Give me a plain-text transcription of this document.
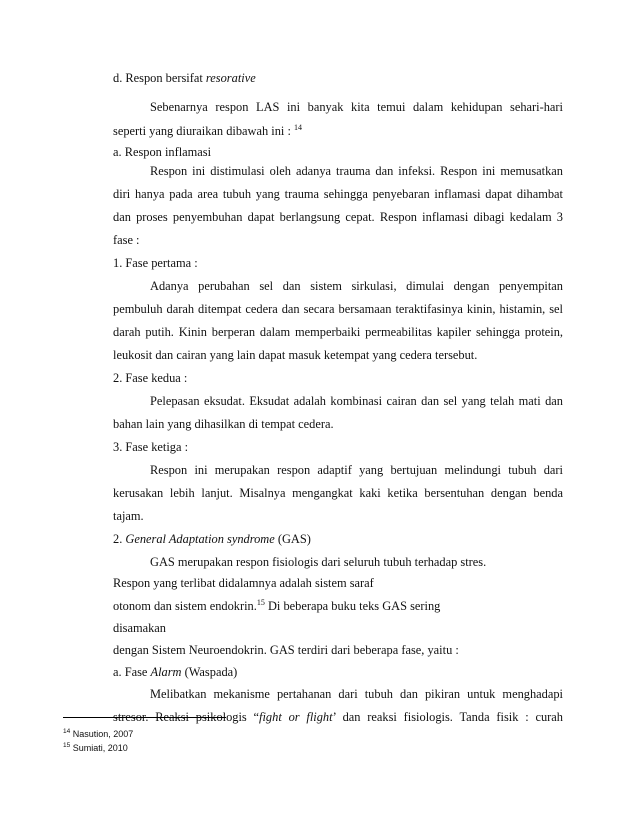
d. Respon bersifat resorative
Sebenarnya respon LAS ini banyak kita temui dalam kehidupan sehari-hari
seperti yang diuraikan dibawah ini : $^{14}$
a. Respon inflamasi
Respon ini distimulasi oleh adanya trauma dan infeksi. Respon ini memusatkan
diri hanya pada area tubuh yang trauma sehingga penyebaran inflamasi dapat dihambat
dan proses penyembuhan dapat berlangsung cepat. Respon inflamasi dibagi kedalam 3
fase :
1. Fase pertama :
Adanya perubahan sel dan sistem sirkulasi, dimulai dengan penyempitan
pembuluh darah ditempat cedera dan secara bersamaan teraktifasinya kinin, histamin, sel
darah putih. Kinin berperan dalam memperbaiki permeabilitas kapiler sehingga protein,
leukosit dan cairan yang lain dapat masuk ketempat yang cedera tersebut.
2. Fase kedua :
Pelepasan eksudat. Eksudat adalah kombinasi cairan dan sel yang telah mati dan
bahan lain yang dihasilkan di tempat cedera.
3. Fase ketiga :
Respon ini merupakan respon adaptif yang bertujuan melindungi tubuh dari
kerusakan lebih lanjut. Misalnya mengangkat kaki ketika bersentuhan dengan benda
tajam.
2. General Adaptation syndrome (GAS)
GAS merupakan respon fisiologis dari seluruh tubuh terhadap stres.
Respon yang terlibat didalamnya adalah sistem saraf
otonom dan sistem endokrin.$^{15}$ Di beberapa buku teks GAS sering
disamakan
dengan Sistem Neuroendokrin. GAS terdiri dari beberapa fase, yaitu :
a. Fase Alarm (Waspada)
Melibatkan mekanisme pertahanan dari tubuh dan pikiran untuk menghadapi
stresor. Reaksi psikologis “fight or flight’ dan reaksi fisiologis. Tanda fisik : curah
$^{14}$ Nasution, 2007
$^{15}$ Sumiati, 2010
